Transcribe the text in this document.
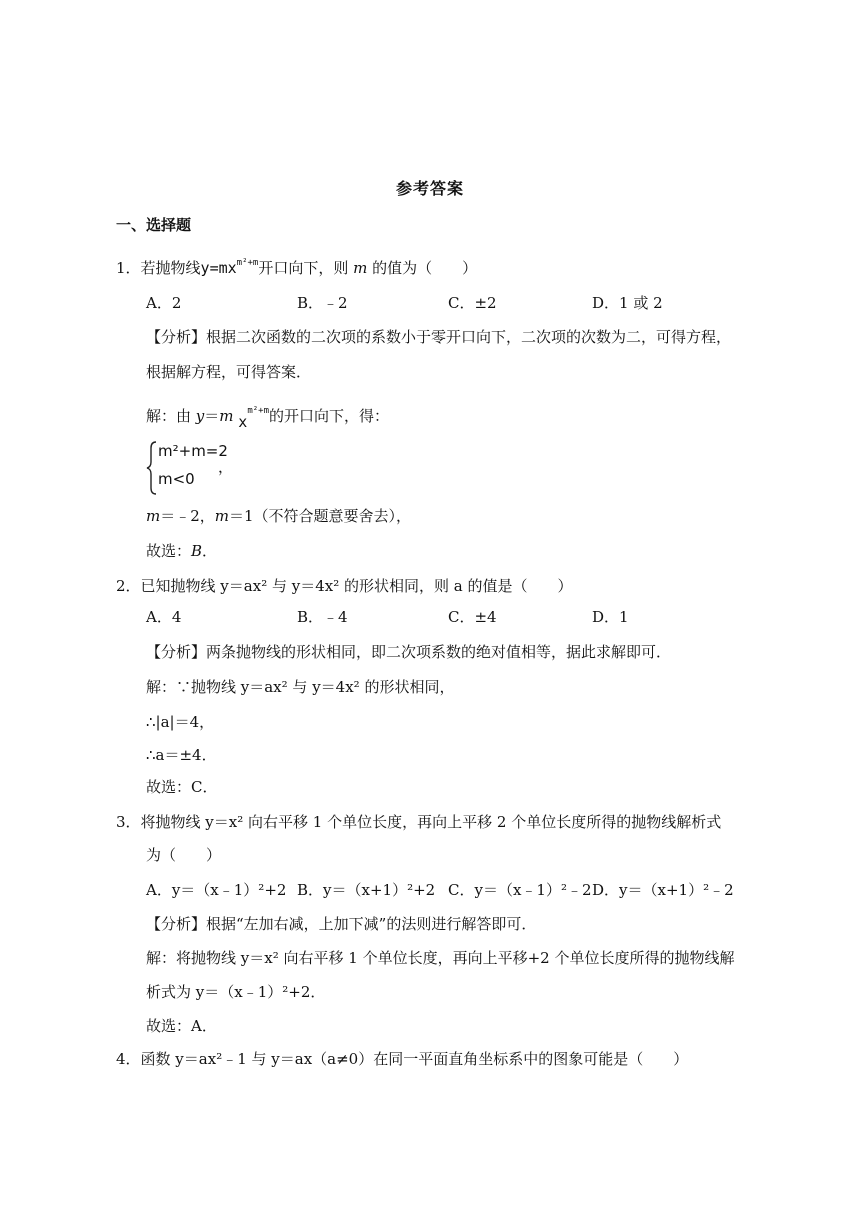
参考答案
一、选择题
1．若抛物线$y=mx^{m^2+m}$开口向下，则 m 的值为（　　）
A．2	B．﹣2	C．±2	D．1 或 2
【分析】根据二次函数的二次项的系数小于零开口向下，二次项的次数为二，可得方程，
根据解方程，可得答案．
解：由 y＝m $x^{m^2+m}$的开口向下，得：
m²+m=2
m<0
，
m＝﹣2，m＝1（不符合题意要舍去），
故选：B．
2．已知抛物线 y＝ax² 与 y＝4x² 的形状相同，则 a 的值是（　　）
A．4	B．﹣4	C．±4	D．1
【分析】两条抛物线的形状相同，即二次项系数的绝对值相等，据此求解即可．
解：∵抛物线 y＝ax² 与 y＝4x² 的形状相同，
∴|a|＝4，
∴a＝±4．
故选：C．
3．将抛物线 y＝x² 向右平移 1 个单位长度，再向上平移 2 个单位长度所得的抛物线解析式
为（　　）
A．y＝（x﹣1）²+2 B．y＝（x+1）²+2 C．y＝（x﹣1）²﹣2 D．y＝（x+1）²﹣2
【分析】根据“左加右减，上加下减”的法则进行解答即可．
解：将抛物线 y＝x² 向右平移 1 个单位长度，再向上平移+2 个单位长度所得的抛物线解
析式为 y＝（x﹣1）²+2．
故选：A．
4．函数 y＝ax²﹣1 与 y＝ax（a≠0）在同一平面直角坐标系中的图象可能是（　　）
